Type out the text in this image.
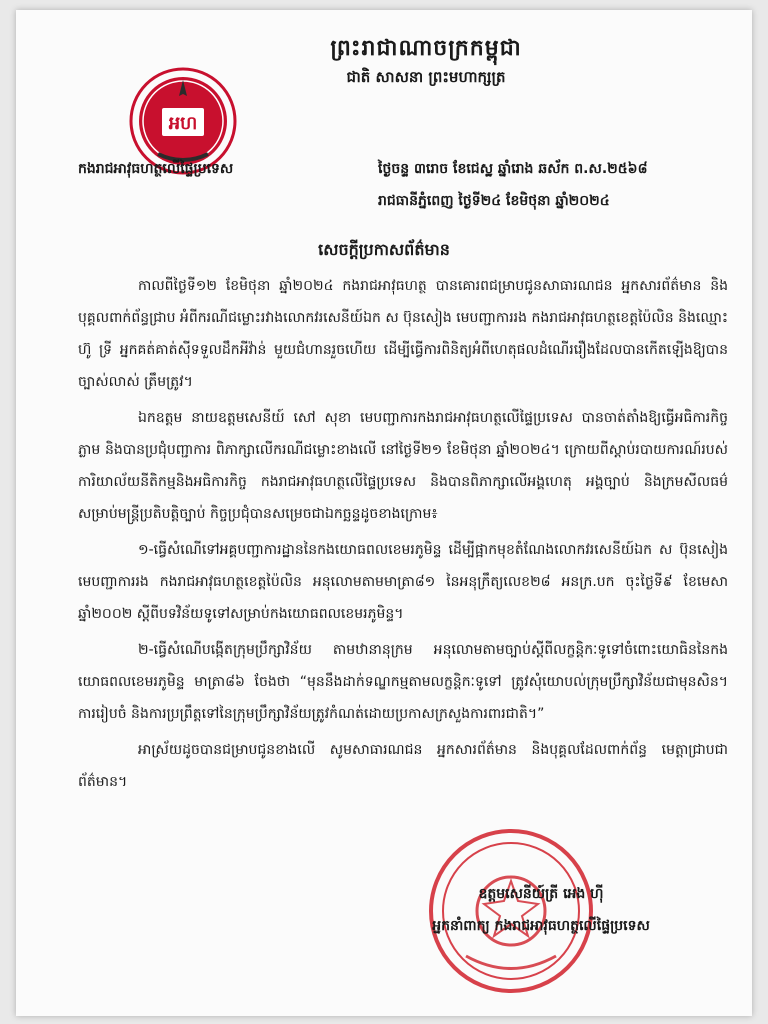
ព្រះរាជាណាចក្រកម្ពុជា
ជាតិ សាសនា ព្រះមហាក្សត្រ
អហ
កងរាជអាវុធហត្ថលើផ្ទៃប្រទេស	ថ្ងៃចន្ទ ៣រោច ខែជេស្ឋ ឆ្នាំរោង ឆស័ក ព.ស.២៥៦៨
រាជធានីភ្នំពេញ ថ្ងៃទី២៤ ខែមិថុនា ឆ្នាំ២០២៤
សេចក្ដីប្រកាសព័ត៌មាន

កាលពីថ្ងៃទី១២ ខែមិថុនា ឆ្នាំ២០២៤ កងរាជអាវុធហត្ថ បានគោរពជម្រាបជូនសាធារណជន អ្នកសារព័ត៌មាន និងបុគ្គលពាក់ព័ន្ធជ្រាប អំពីករណីជម្លោះរវាងលោកវរសេនីយ៍ឯក ស ប៊ុនសៀង មេបញ្ជាការរង កងរាជអាវុធហត្ថខេត្តប៉ៃលិន និងឈ្មោះ ហ៊ូ ទ្រី អ្នកគត់គាត់ស៊ីទទួលដឹកអីវ៉ាន់ មួយជំហានរួចហើយ ដើម្បីធ្វើការពិនិត្យអំពីហេតុផលដំណើររឿងដែលបានកើតឡើងឱ្យបានច្បាស់លាស់ ត្រឹមត្រូវ។

ឯកឧត្តម នាយឧត្តមសេនីយ៍ សៅ សុខា មេបញ្ជាការកងរាជអាវុធហត្ថលើផ្ទៃប្រទេស បានចាត់តាំងឱ្យធ្វើអធិការកិច្ចភ្លាម និងបានប្រជុំបញ្ជាការ ពិភាក្សាលើករណីជម្លោះខាងលើ នៅថ្ងៃទី២១ ខែមិថុនា ឆ្នាំ២០២៤។ ក្រោយពីស្ដាប់របាយការណ៍របស់ការិយាល័យនីតិកម្មនិងអធិការកិច្ច កងរាជអាវុធហត្ថលើផ្ទៃប្រទេស និងបានពិភាក្សាលើអង្គហេតុ អង្គច្បាប់ និងក្រមសីលធម៌សម្រាប់មន្ត្រីប្រតិបត្តិច្បាប់ កិច្ចប្រជុំបានសម្រេចជាឯកច្ឆន្ទដូចខាងក្រោម៖

១-ធ្វើសំណើទៅអគ្គបញ្ជាការដ្ឋាននៃកងយោធពលខេមរភូមិន្ទ ដើម្បីផ្អាកមុខតំណែងលោកវរសេនីយ៍ឯក ស ប៊ុនសៀង មេបញ្ជាការរង កងរាជអាវុធហត្ថខេត្តប៉ៃលិន អនុលោមតាមមាត្រា៨១ នៃអនុក្រឹត្យលេខ២៨ អនក្រ.បក ចុះថ្ងៃទី៩ ខែមេសា ឆ្នាំ២០០២ ស្ដីពីបទវិន័យទូទៅសម្រាប់កងយោធពលខេមរភូមិន្ទ។

២-ធ្វើសំណើបង្កើតក្រុមប្រឹក្សាវិន័យ តាមឋានានុក្រម អនុលោមតាមច្បាប់ស្ដីពីលក្ខន្តិកៈទូទៅចំពោះយោធិននៃកងយោធពលខេមរភូមិន្ទ មាត្រា៨៦ ចែងថា “មុននឹងដាក់ទណ្ឌកម្មតាមលក្ខន្តិកៈទូទៅ ត្រូវសុំយោបល់ក្រុមប្រឹក្សាវិន័យជាមុនសិន។ ការរៀបចំ និងការប្រព្រឹត្តទៅនៃក្រុមប្រឹក្សាវិន័យត្រូវកំណត់ដោយប្រកាសក្រសួងការពារជាតិ។”

អាស្រ័យដូចបានជម្រាបជូនខាងលើ សូមសាធារណជន អ្នកសារព័ត៌មាន និងបុគ្គលដែលពាក់ព័ន្ធ មេត្តាជ្រាបជាព័ត៌មាន។

ឧត្តមសេនីយ៍ត្រី អេង ហ៊ី
អ្នកនាំពាក្យ កងរាជអាវុធហត្ថលើផ្ទៃប្រទេស
